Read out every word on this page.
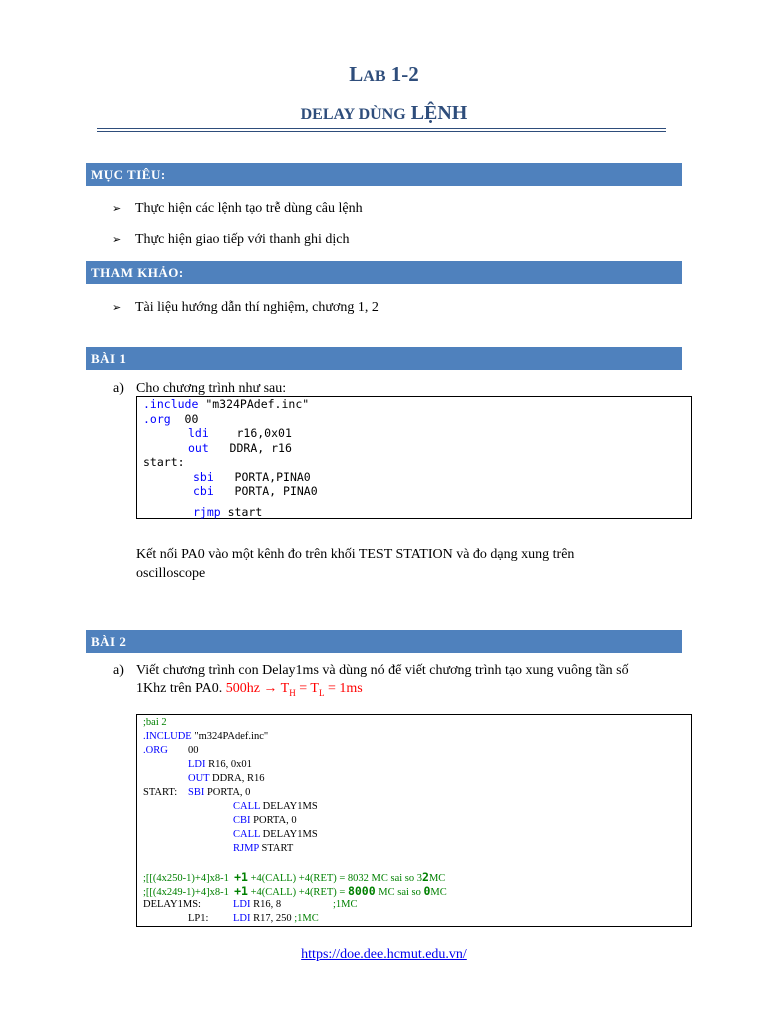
LAB 1-2
DELAY DÙNG LỆNH
MỤC TIÊU:
➢ Thực hiện các lệnh tạo trễ dùng câu lệnh
➢ Thực hiện giao tiếp với thanh ghi dịch
THAM KHẢO:
➢ Tài liệu hướng dẫn thí nghiệm, chương 1, 2
BÀI 1
a) Cho chương trình như sau:
.include "m324PAdef.inc"
.org  00
ldi    r16,0x01
out   DDRA, r16
start:
sbi   PORTA,PINA0
cbi   PORTA, PINA0
rjmp start
Kết nối PA0 vào một kênh đo trên khối TEST STATION và đo dạng xung trên
oscilloscope
BÀI 2
a) Viết chương trình con Delay1ms và dùng nó để viết chương trình tạo xung vuông tần số
1Khz trên PA0. $500hz \to T_H = T_L = 1ms$
;bai 2
.INCLUDE "m324PAdef.inc"
.ORG 00
LDI R16, 0x01
OUT DDRA, R16
START: SBI PORTA, 0
CALL DELAY1MS
CBI PORTA, 0
CALL DELAY1MS
RJMP START
;[[(4x250-1)+4]x8-1  +1 +4(CALL) +4(RET) = 8032 MC sai so 32MC
;[[(4x249-1)+4]x8-1  +1 +4(CALL) +4(RET) = 8000 MC sai so 0MC
DELAY1MS:	LDI R16, 8	;1MC
LP1: LDI R17, 250 ;1MC
https://doe.dee.hcmut.edu.vn/
